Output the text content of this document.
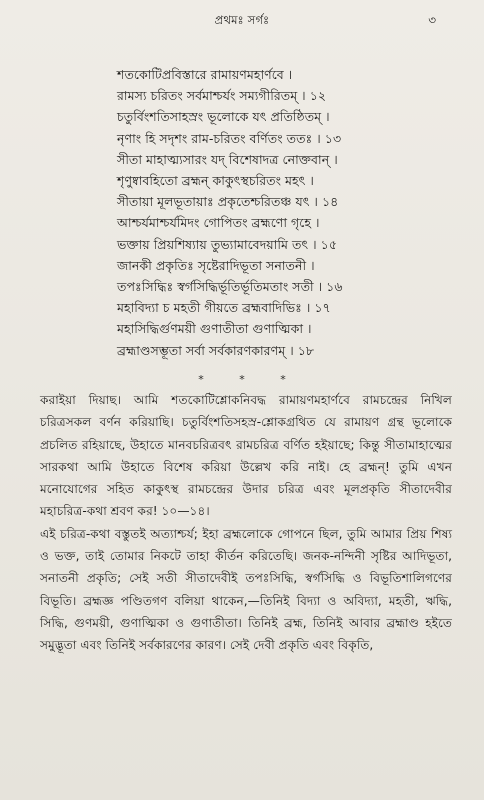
প্রথমঃ সর্গঃ	৩
শতকোটিপ্রবিস্তারে রামায়ণমহার্ণবে ।
রামস্য চরিতং সর্বমাশ্চর্যং সম্যগীরিতম্ । ১২
চতুর্বিংশতিসাহস্রং ভূলোকে যৎ প্রতিষ্ঠিতম্ ।
নৃণাং হি সদৃশং রাম-চরিতং বর্ণিতং ততঃ । ১৩
সীতা মাহাত্ম্যসারং যদ্ বিশেষাদত্র নোক্তবান্ ।
শৃণুষ্বাবহিতো ব্রহ্মন্ কাকুৎস্থচরিতং মহৎ ।
সীতায়া মূলভূতায়াঃ প্রকৃতেশ্চরিতঞ্চ যৎ । ১৪
আশ্চর্যমাশ্চর্যমিদং গোপিতং ব্রহ্মণো গৃহে ।
ভক্তায় প্রিয়শিষ্যায় তুভ্যামাবেদয়ামি তৎ । ১৫
জানকী প্রকৃতিঃ সৃষ্টেরাদিভূতা সনাতনী ।
তপঃসিদ্ধিঃ স্বর্গসিদ্ধির্ভূতির্ভূতিমতাং সতী । ১৬
মহাবিদ্যা চ মহতী গীয়তে ব্রহ্মবাদিভিঃ । ১৭
মহাসিদ্ধির্গুণময়ী গুণাতীতা গুণাত্মিকা ।
ব্রহ্মাণ্ডসম্ভূতা সর্বা সর্বকারণকারণম্ । ১৮
*	*	*

করাইয়া দিয়াছ। আমি শতকোটিশ্লোকনিবদ্ধ রামায়ণমহার্ণবে রামচন্দ্রের নিখিল চরিত্রসকল বর্ণন করিয়াছি। চতুর্বিংশতিসহস্র-শ্লোকগ্রথিত যে রামায়ণ গ্রন্থ ভূলোকে প্রচলিত রহিয়াছে, উহাতে মানবচরিত্রবৎ রামচরিত্র বর্ণিত হইয়াছে; কিন্তু সীতামাহাত্মের সারকথা আমি উহাতে বিশেষ করিয়া উল্লেখ করি নাই। হে ব্রহ্মন্! তুমি এখন মনোযোগের সহিত কাকুৎস্থ রামচন্দ্রের উদার চরিত্র এবং মূলপ্রকৃতি সীতাদেবীর মহাচরিত্র-কথা শ্রবণ কর! ১০—১৪।

এই চরিত্র-কথা বস্তুতই অত্যাশ্চর্য; ইহা ব্রহ্মলোকে গোপনে ছিল, তুমি আমার প্রিয় শিষ্য ও ভক্ত, তাই তোমার নিকটে তাহা কীর্তন করিতেছি। জনক-নন্দিনী সৃষ্টির আদিভূতা, সনাতনী প্রকৃতি; সেই সতী সীতাদেবীই তপঃসিদ্ধি, স্বর্গসিদ্ধি ও বিভূতিশালিগণের বিভূতি। ব্রহ্মজ্ঞ পণ্ডিতগণ বলিয়া থাকেন,—তিনিই বিদ্যা ও অবিদ্যা, মহতী, ঋদ্ধি, সিদ্ধি, গুণময়ী, গুণাত্মিকা ও গুণাতীতা। তিনিই ব্রহ্ম, তিনিই আবার ব্রহ্মাণ্ড হইতে সমুদ্ভূতা এবং তিনিই সর্বকারণের কারণ। সেই দেবী প্রকৃতি এবং বিকৃতি,
